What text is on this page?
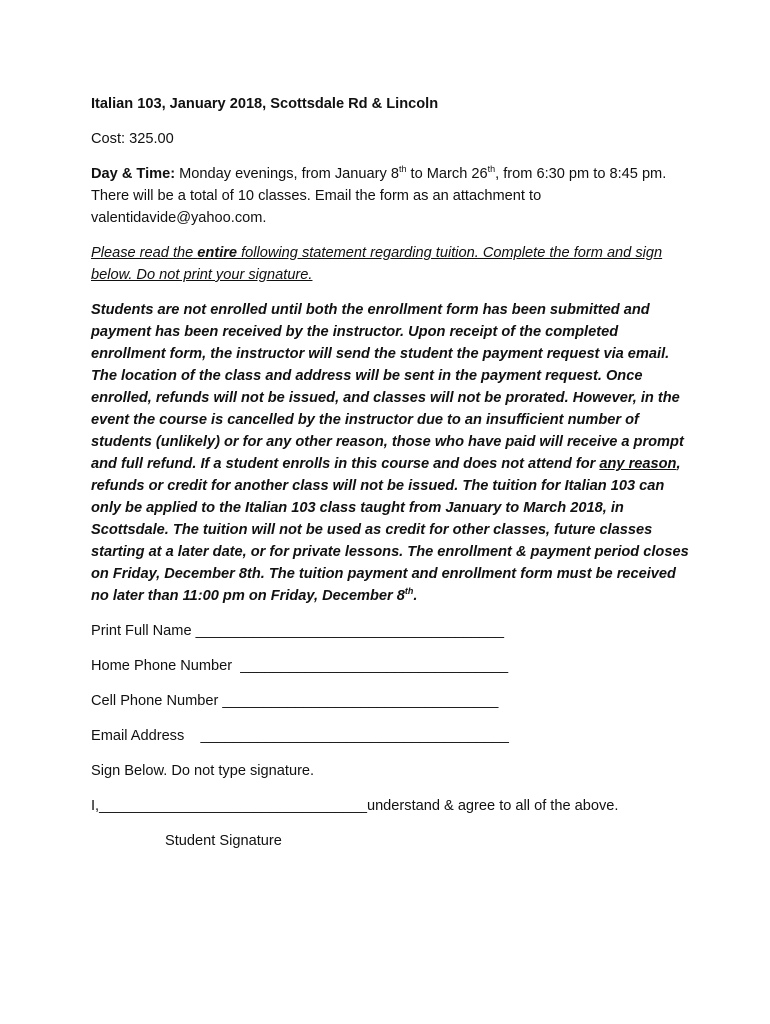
Italian 103, January 2018, Scottsdale Rd & Lincoln

Cost: 325.00

Day & Time: Monday evenings, from January 8th to March 26th, from 6:30 pm to 8:45 pm. There will be a total of 10 classes. Email the form as an attachment to valentidavide@yahoo.com.

Please read the entire following statement regarding tuition. Complete the form and sign below. Do not print your signature.

Students are not enrolled until both the enrollment form has been submitted and payment has been received by the instructor. Upon receipt of the completed enrollment form, the instructor will send the student the payment request via email. The location of the class and address will be sent in the payment request. Once enrolled, refunds will not be issued, and classes will not be prorated. However, in the event the course is cancelled by the instructor due to an insufficient number of students (unlikely) or for any other reason, those who have paid will receive a prompt and full refund. If a student enrolls in this course and does not attend for any reason, refunds or credit for another class will not be issued. The tuition for Italian 103 can only be applied to the Italian 103 class taught from January to March 2018, in Scottsdale. The tuition will not be used as credit for other classes, future classes starting at a later date, or for private lessons. The enrollment & payment period closes on Friday, December 8th. The tuition payment and enrollment form must be received no later than 11:00 pm on Friday, December 8th.

Print Full Name ______________________________________

Home Phone Number  _________________________________

Cell Phone Number __________________________________

Email Address    ______________________________________

Sign Below. Do not type signature.

I,_________________________________understand & agree to all of the above.

Student Signature
